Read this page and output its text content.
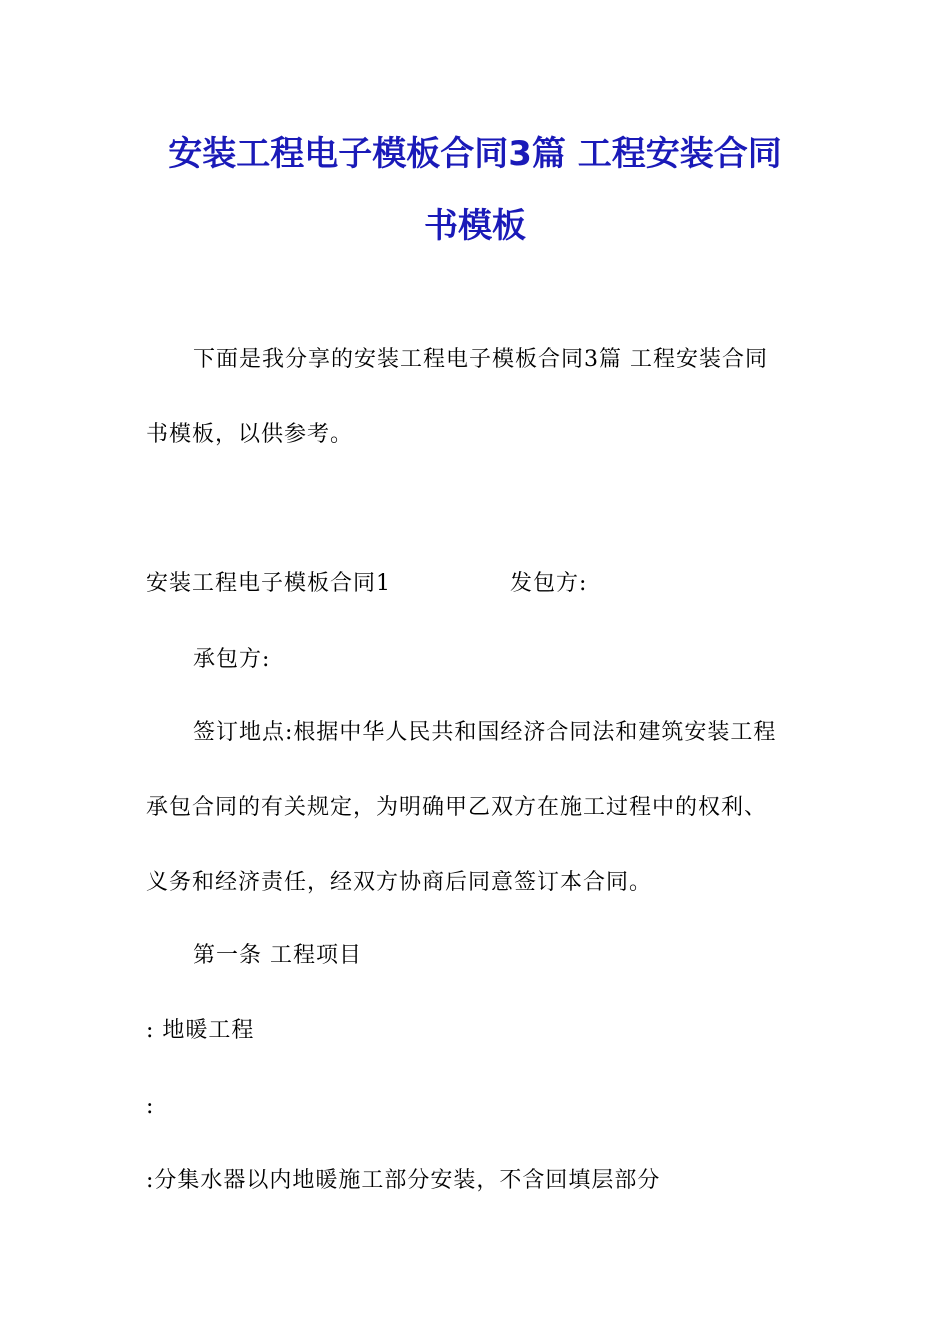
安装工程电子模板合同3篇 工程安装合同
书模板
下面是我分享的安装工程电子模板合同3篇 工程安装合同
书模板，以供参考。
安装工程电子模板合同1	发包方:
承包方:
签订地点:根据中华人民共和国经济合同法和建筑安装工程
承包合同的有关规定，为明确甲乙双方在施工过程中的权利、
义务和经济责任，经双方协商后同意签订本合同。
第一条 工程项目
: 地暖工程
:
:分集水器以内地暖施工部分安装，不含回填层部分
